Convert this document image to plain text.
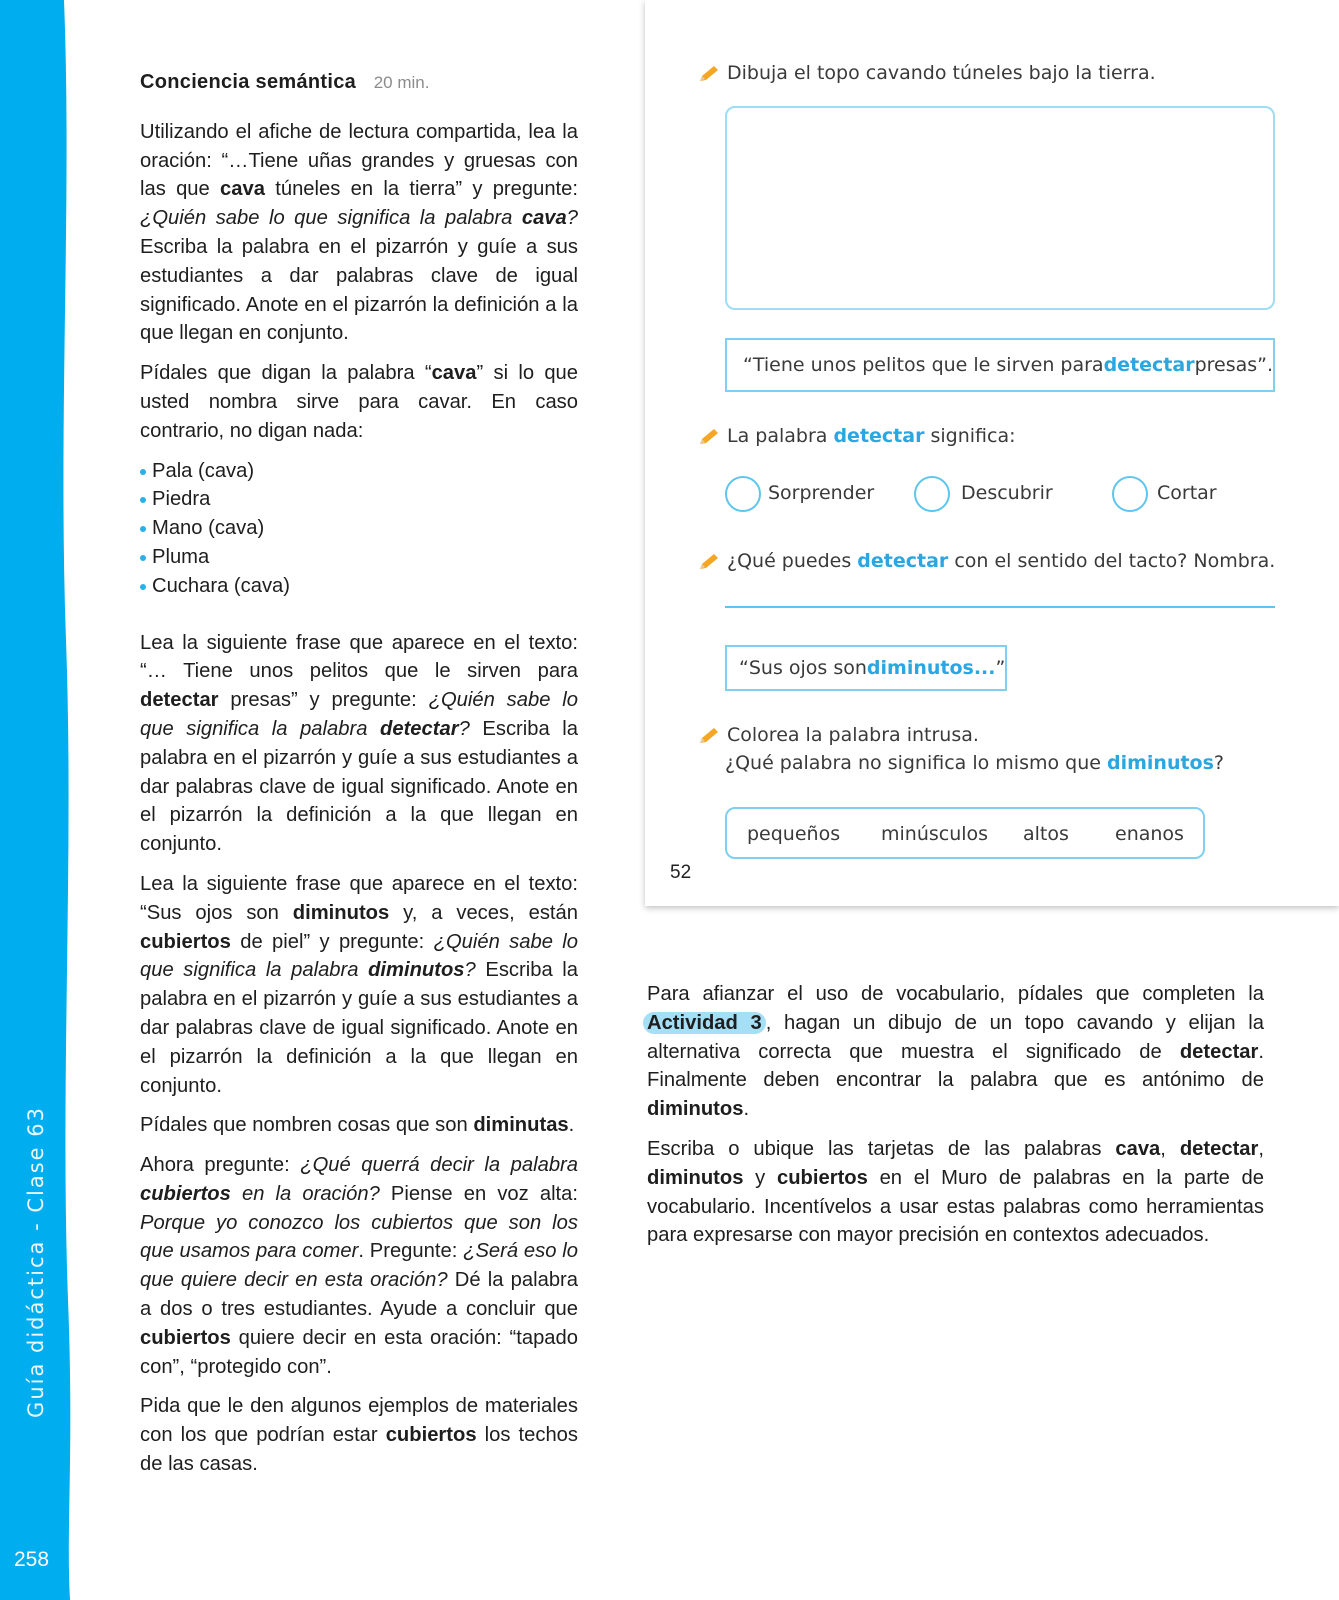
Guía didáctica - Clase 63
258
Conciencia semántica 20 min.

Utilizando el afiche de lectura compartida, lea la oración: “…Tiene uñas grandes y gruesas con las que cava túneles en la tierra” y pregunte: ¿Quién sabe lo que significa la palabra cava? Escriba la palabra en el pizarrón y guíe a sus estudiantes a dar palabras clave de igual significado. Anote en el pizarrón la definición a la que llegan en conjunto.

Pídales que digan la palabra “cava” si lo que usted nombra sirve para cavar. En caso contrario, no digan nada:

Pala (cava)
Piedra
Mano (cava)
Pluma
Cuchara (cava)

Lea la siguiente frase que aparece en el texto: “… Tiene unos pelitos que le sirven para detectar presas” y pregunte: ¿Quién sabe lo que significa la palabra detectar? Escriba la palabra en el pizarrón y guíe a sus estudiantes a dar palabras clave de igual significado. Anote en el pizarrón la definición a la que llegan en conjunto.

Lea la siguiente frase que aparece en el texto: “Sus ojos son diminutos y, a veces, están cubiertos de piel” y pregunte: ¿Quién sabe lo que significa la palabra diminutos? Escriba la palabra en el pizarrón y guíe a sus estudiantes a dar palabras clave de igual significado. Anote en el pizarrón la definición a la que llegan en conjunto.

Pídales que nombren cosas que son diminutas.

Ahora pregunte: ¿Qué querrá decir la palabra cubiertos en la oración? Piense en voz alta: Porque yo conozco los cubiertos que son los que usamos para comer. Pregunte: ¿Será eso lo que quiere decir en esta oración? Dé la palabra a dos o tres estudiantes. Ayude a concluir que cubiertos quiere decir en esta oración: “tapado con”, “protegido con”.

Pida que le den algunos ejemplos de materiales con los que podrían estar cubiertos los techos de las casas.

Dibuja el topo cavando túneles bajo la tierra.
“Tiene unos pelitos que le sirven para detectar presas”.
La palabra detectar significa:
Sorprender	Descubrir	Cortar
¿Qué puedes detectar con el sentido del tacto? Nombra.
“Sus ojos son diminutos... ”
Colorea la palabra intrusa.
¿Qué palabra no significa lo mismo que diminutos?
pequeños minúsculos altos enanos
52

Para afianzar el uso de vocabulario, pídales que completen la Actividad 3 , hagan un dibujo de un topo cavando y elijan la alternativa correcta que muestra el significado de detectar. Finalmente deben encontrar la palabra que es antónimo de diminutos.

Escriba o ubique las tarjetas de las palabras cava, detectar, diminutos y cubiertos en el Muro de palabras en la parte de vocabulario. Incentívelos a usar estas palabras como herramientas para expresarse con mayor precisión en contextos adecuados.
